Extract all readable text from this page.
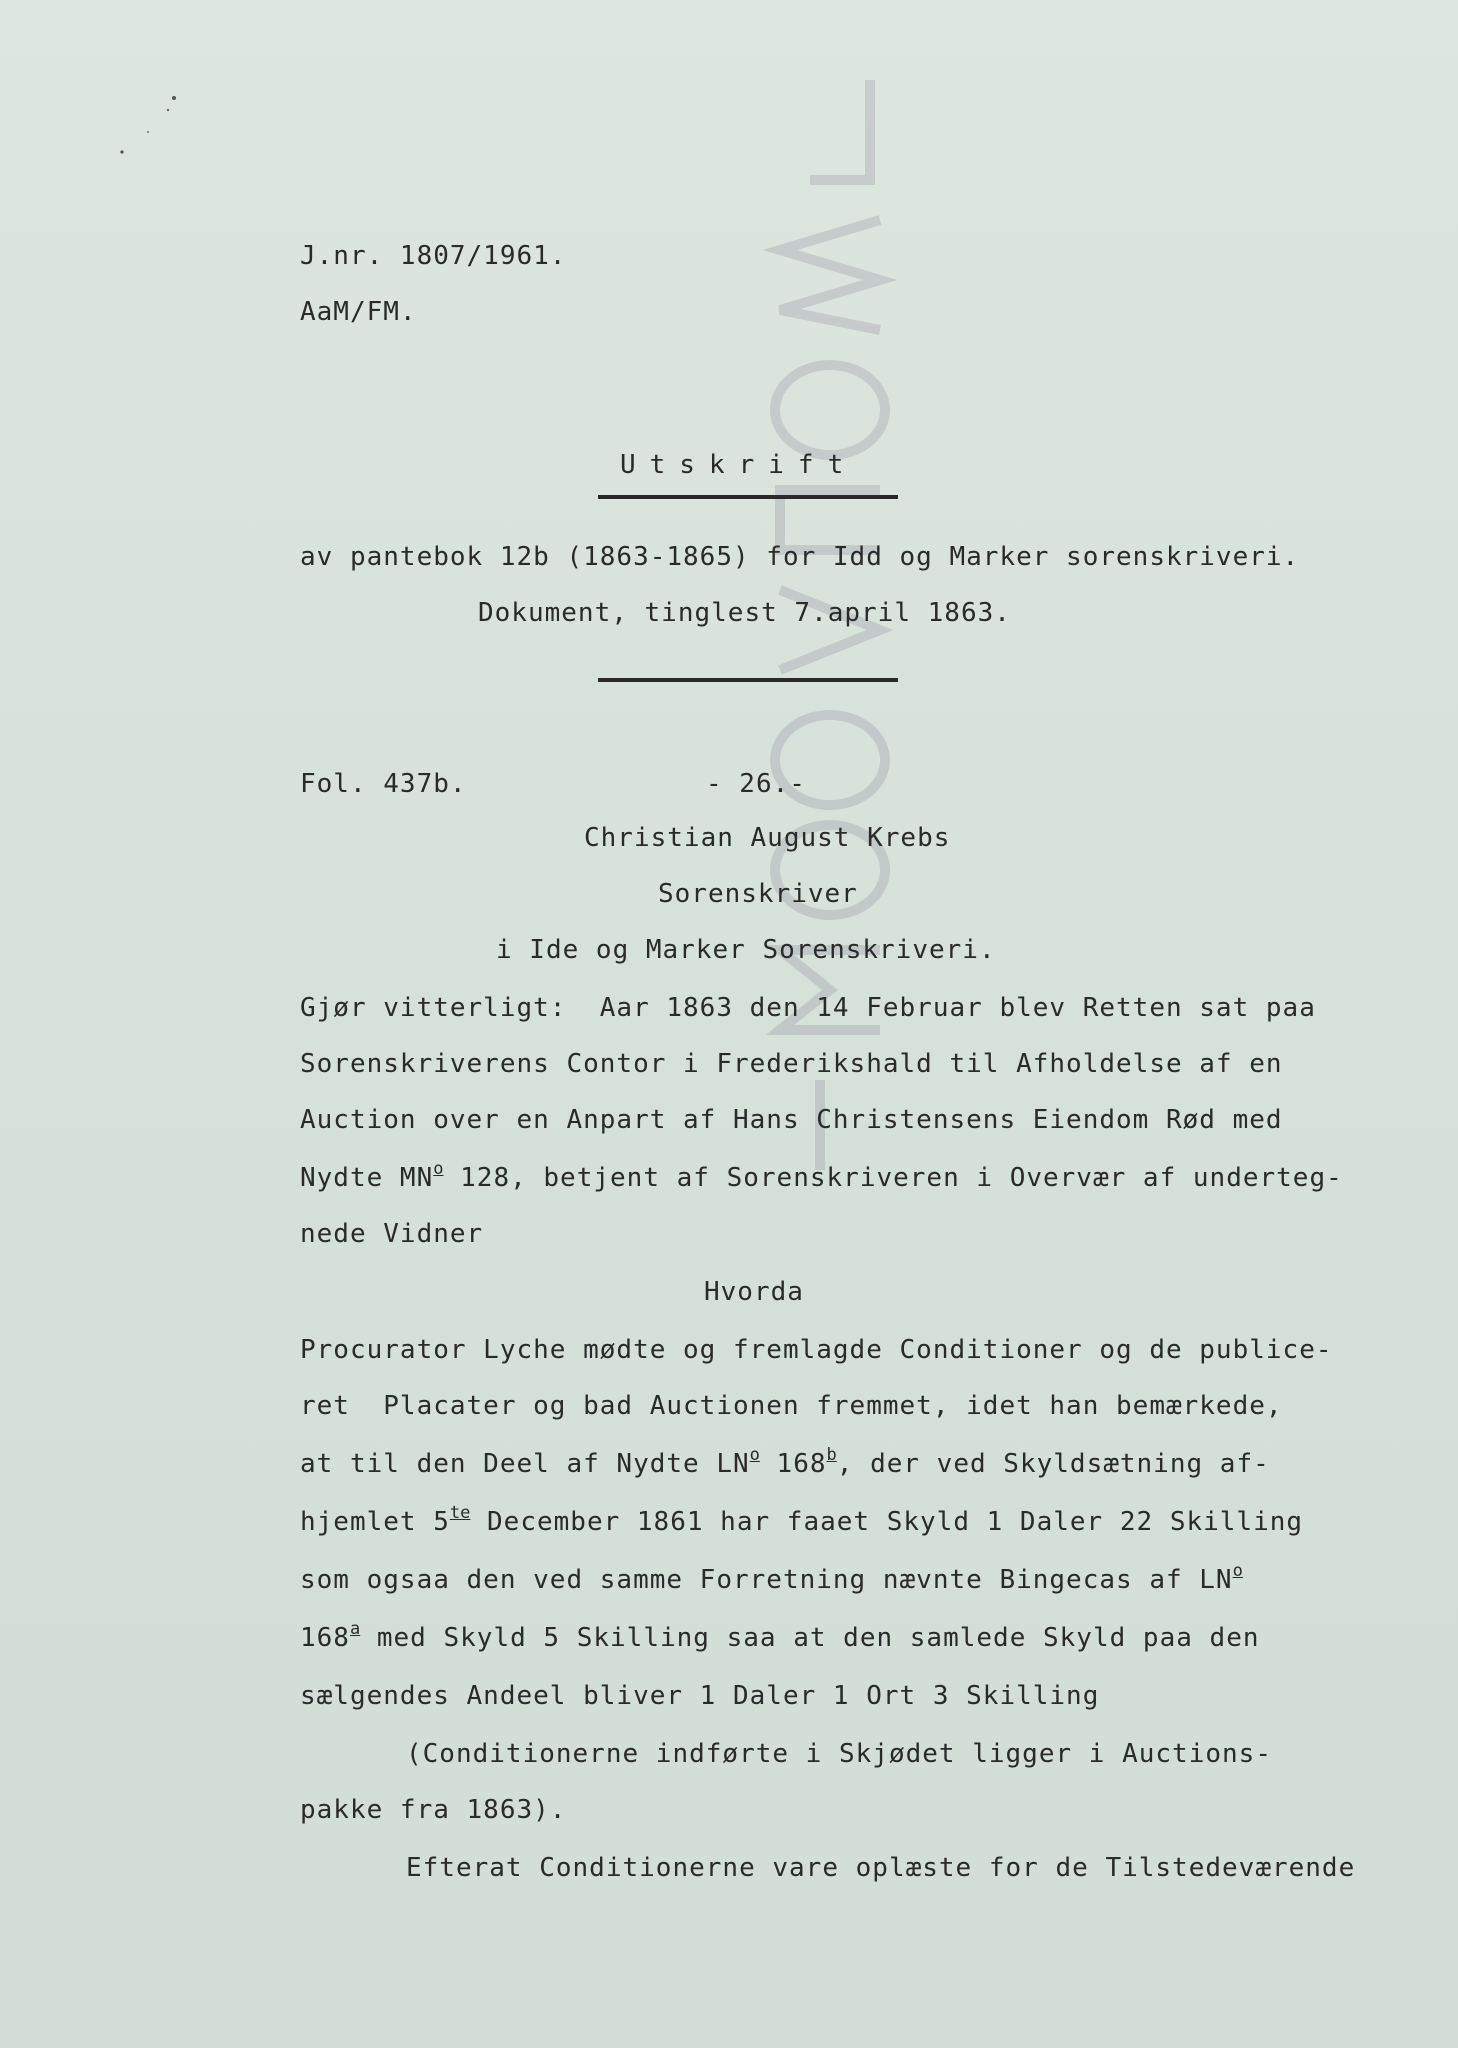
J.nr. 1807/1961.
AaM/FM.
Utskrift
av pantebok 12b (1863-1865) for Idd og Marker sorenskriveri.
Dokument, tinglest 7.april 1863.
Fol. 437b.	- 26.-
Christian August Krebs
Sorenskriver
i Ide og Marker Sorenskriveri.
Gjør vitterligt:  Aar 1863 den 14 Februar blev Retten sat paa
Sorenskriverens Contor i Frederikshald til Afholdelse af en
Auction over en Anpart af Hans Christensens Eiendom Rød med
Nydte $MN^o$ 128, betjent af Sorenskriveren i Overvær af underteg-
nede Vidner
Hvorda
Procurator Lyche mødte og fremlagde Conditioner og de publice-
ret  Placater og bad Auctionen fremmet, idet han bemærkede,
at til den Deel af Nydte $LN^o$ 168$^b$, der ved Skyldsætning af-
hjemlet $5^{te}$ December 1861 har faaet Skyld 1 Daler 22 Skilling
som ogsaa den ved samme Forretning nævnte Bingecas af $LN^o$
168$^a$ med Skyld 5 Skilling saa at den samlede Skyld paa den
sælgendes Andeel bliver 1 Daler 1 Ort 3 Skilling
(Conditionerne indførte i Skjødet ligger i Auctions-
pakke fra 1863).
Efterat Conditionerne vare oplæste for de Tilstedeværende
